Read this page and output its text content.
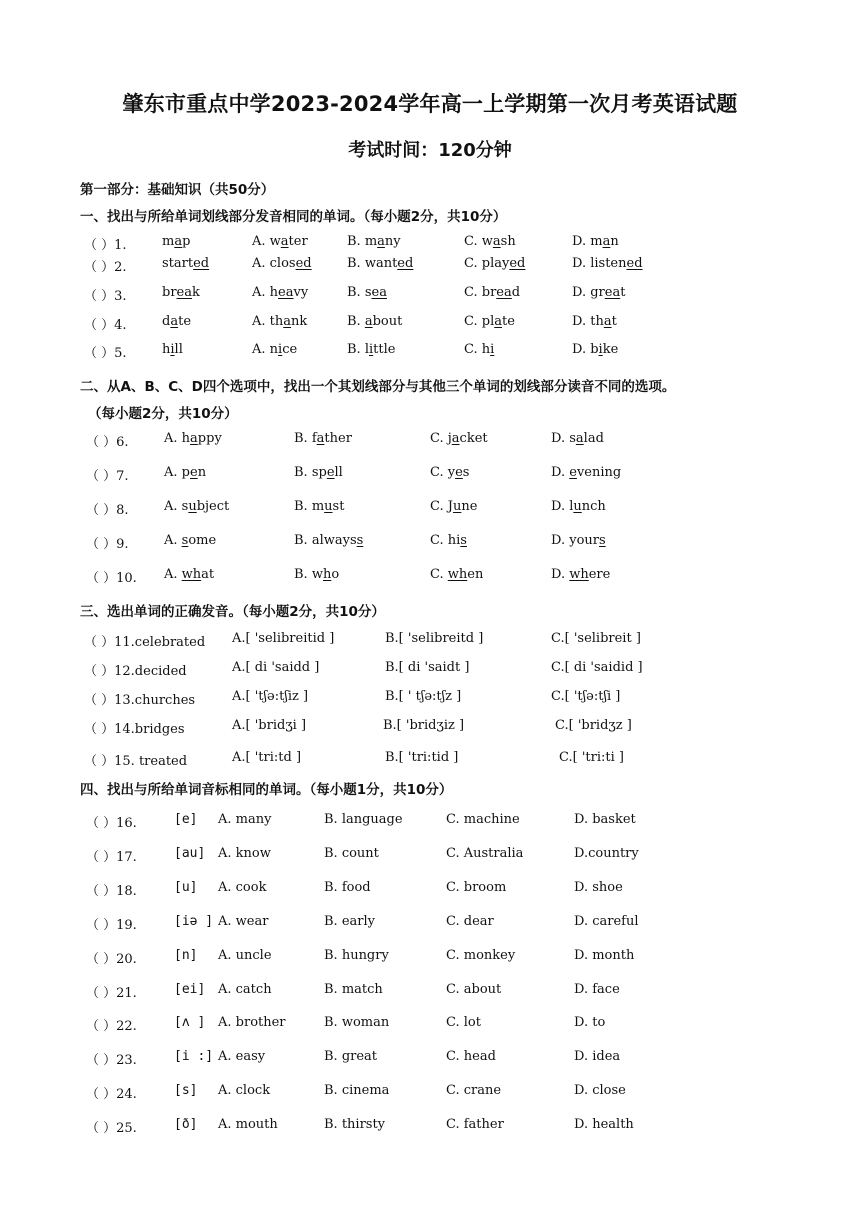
肇东市重点中学2023-2024学年高一上学期第一次月考英语试题
考试时间：120分钟
第一部分：基础知识（共50分）
一、找出与所给单词划线部分发音相同的单词。（每小题2分，共10分）
（ ）1.	map	A. water	B. many	C. wash	D. man
（ ）2.	started	A. closed	B. wanted	C. played	D. listened
（ ）3.	break	A. heavy	B. sea	C. bread	D. great
（ ）4.	date	A. thank	B. about	C. plate	D. that
（ ）5.	hill	A. nice	B. little	C. hi	D. bike
二、从A、B、C、D四个选项中，找出一个其划线部分与其他三个单词的划线部分读音不同的选项。
（每小题2分，共10分）
（ ）6.	A. happy	B. father	C. jacket	D. salad
（ ）7.	A. pen	B. spell	C. yes	D. evening
（ ）8.	A. subject	B. must	C. June	D. lunch
（ ）9.	A. some	B. alwayss	C. his	D. yours
（ ）10. A. what	B. who	C. when	D. where
三、选出单词的正确发音。（每小题2分，共10分）
（ ）11.celebrated A.[ 'selibreitid ]	B.[ 'selibreitd ]	C.[ 'selibreit ]
（ ）12.decided	A.[ di 'saidd ]	B.[ di 'saidt ]	C.[ di 'saidid ]
（ ）13.churches	A.[ 'tʃə:tʃiz ]	B.[ ' tʃə:tʃz ]	C.[ 'tʃə:tʃi ]
（ ）14.bridges	A.[ 'bridʒi ]	B.[ 'bridʒiz ]	C.[ 'bridʒz ]
（ ）15. treated	A.[ 'tri:td ]	B.[ 'tri:tid ]	C.[ 'tri:ti ]
四、找出与所给单词音标相同的单词。（每小题1分，共10分）
（ ）16.	[e] A. many	B. language	C. machine	D. basket
（ ）17.	[au] A. know	B. count	C. Australia	D.country
（ ）18.	[u] A. cook	B. food	C. broom	D. shoe
（ ）19.	[iə ] A. wear	B. early	C. dear	D. careful
（ ）20.	[n] A. uncle	B. hungry	C. monkey	D. month
（ ）21.	[ei] A. catch	B. match	C. about	D. face
（ ）22.	[ʌ ] A. brother	B. woman	C. lot	D. to
（ ）23.	[i :] A. easy	B. great	C. head	D. idea
（ ）24.	[s] A. clock	B. cinema	C. crane	D. close
（ ）25.	[ð] A. mouth	B. thirsty	C. father	D. health
